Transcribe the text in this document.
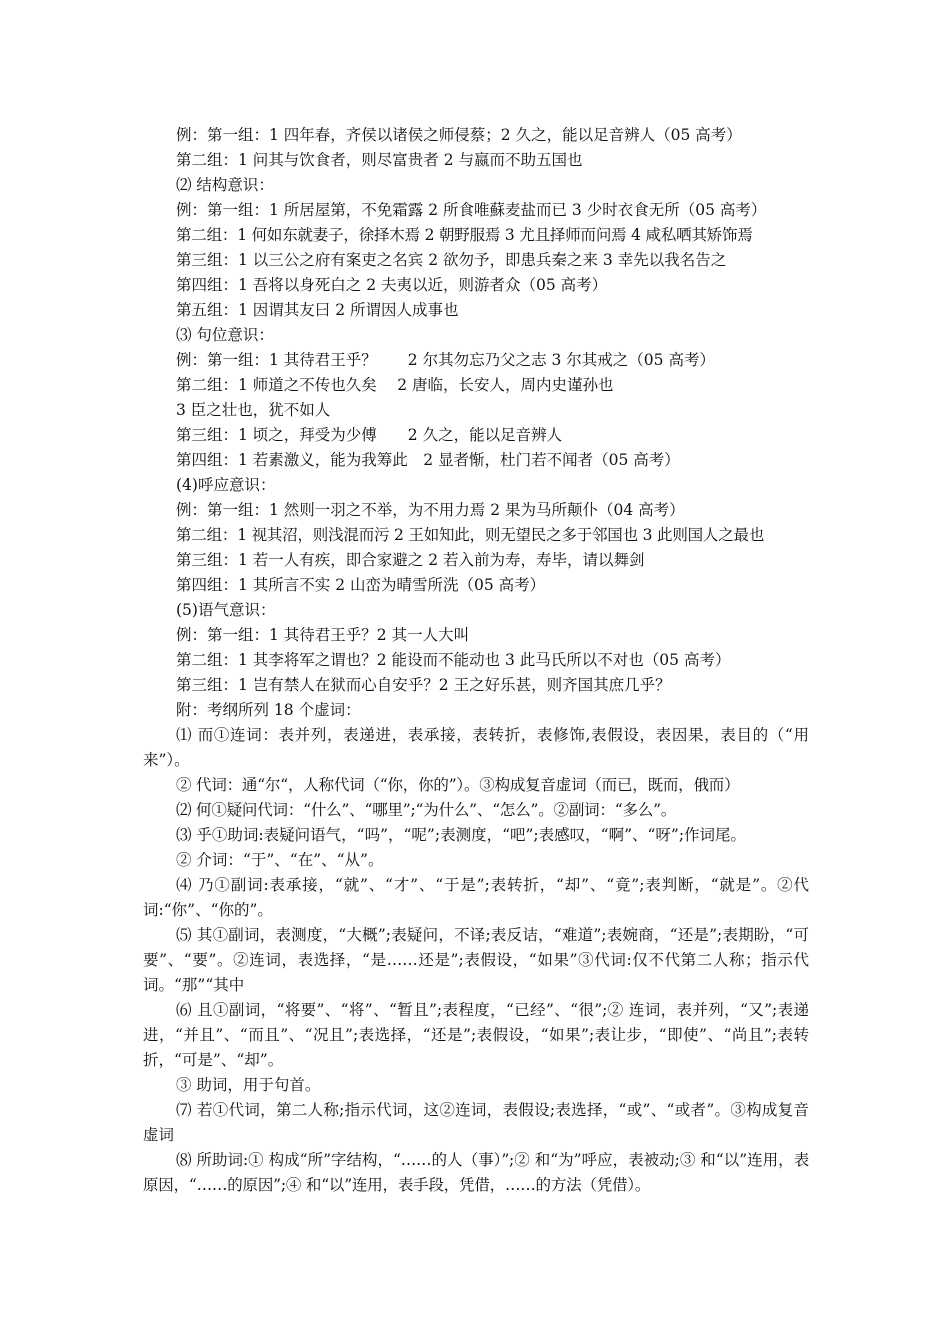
例：第一组：1 四年春，齐侯以诸侯之师侵蔡；2 久之，能以足音辨人（05 高考）

第二组：1 问其与饮食者，则尽富贵者 2 与嬴而不助五国也

⑵ 结构意识：

例：第一组：1 所居屋第，不免霜露 2 所食唯蘇麦盐而已 3 少时衣食无所（05 高考）

第二组：1 何如东就妻子，徐择木焉 2 朝野服焉 3 尤且择师而问焉 4 咸私哂其矫饰焉

第三组：1 以三公之府有案吏之名宾 2 欲勿予，即患兵秦之来 3 幸先以我名告之

第四组：1 吾将以身死白之 2 夫夷以近，则游者众（05 高考）

第五组：1 因谓其友曰 2 所谓因人成事也

⑶ 句位意识：

例：第一组：1 其待君王乎？　　2 尔其勿忘乃父之志 3 尔其戒之（05 高考）

第二组：1 师道之不传也久矣　 2 唐临，长安人，周内史谨孙也

3 臣之壮也，犹不如人

第三组：1 顷之，拜受为少傅　　2 久之，能以足音辨人

第四组：1 若素激义，能为我筹此　2 显者惭，杜门若不闻者（05 高考）

(4)呼应意识：

例：第一组：1 然则一羽之不举，为不用力焉 2 果为马所颠仆（04 高考）

第二组：1 视其沼，则浅混而污 2 王如知此，则无望民之多于邻国也 3 此则国人之最也

第三组：1 若一人有疾，即合家避之 2 若入前为寿，寿毕，请以舞剑

第四组：1 其所言不实 2 山峦为晴雪所洗（05 高考）

(5)语气意识：

例：第一组：1 其待君王乎？2 其一人大叫

第二组：1 其李将军之谓也？2 能设而不能动也 3 此马氏所以不对也（05 高考）

第三组：1 岂有禁人在狱而心自安乎？2 王之好乐甚，则齐国其庶几乎？

附：考纲所列 18 个虚词：

⑴ 而①连词：表并列，表递进，表承接，表转折，表修饰,表假设，表因果，表目的（“用来”）。

② 代词：通“尔“，人称代词（“你，你的”）。③构成复音虚词（而已，既而，俄而）

⑵ 何①疑问代词：“什么”、“哪里”;“为什么”、“怎么”。②副词：“多么”。

⑶ 乎①助词:表疑问语气，“吗”，“呢”;表测度，“吧”;表感叹，“啊”、“呀”;作词尾。

② 介词：“于”、“在”、“从”。

⑷ 乃①副词:表承接，“就”、“才”、“于是”;表转折，“却”、“竟”;表判断，“就是”。②代词:“你”、“你的”。

⑸ 其①副词，表测度，“大概”;表疑问，不译;表反诘，“难道”;表婉商，“还是”;表期盼，“可要”、“要”。②连词，表选择，“是……还是”;表假设，“如果”③代词:仅不代第二人称；指示代词。“那”“其中

⑹ 且①副词，“将要”、“将”、“暂且”;表程度，“已经”、“很”;② 连词，表并列，“又”;表递进，“并且”、“而且”、“况且”;表选择，“还是”;表假设，“如果”;表让步，“即使”、“尚且”;表转折，“可是”、“却”。

③ 助词，用于句首。

⑺ 若①代词，第二人称;指示代词，这②连词，表假设;表选择，“或”、“或者”。③构成复音虚词

⑻ 所助词:① 构成“所”字结构，“……的人（事）”;② 和“为”呼应，表被动;③ 和“以”连用，表原因，“……的原因”;④ 和“以”连用，表手段，凭借，……的方法（凭借）。
